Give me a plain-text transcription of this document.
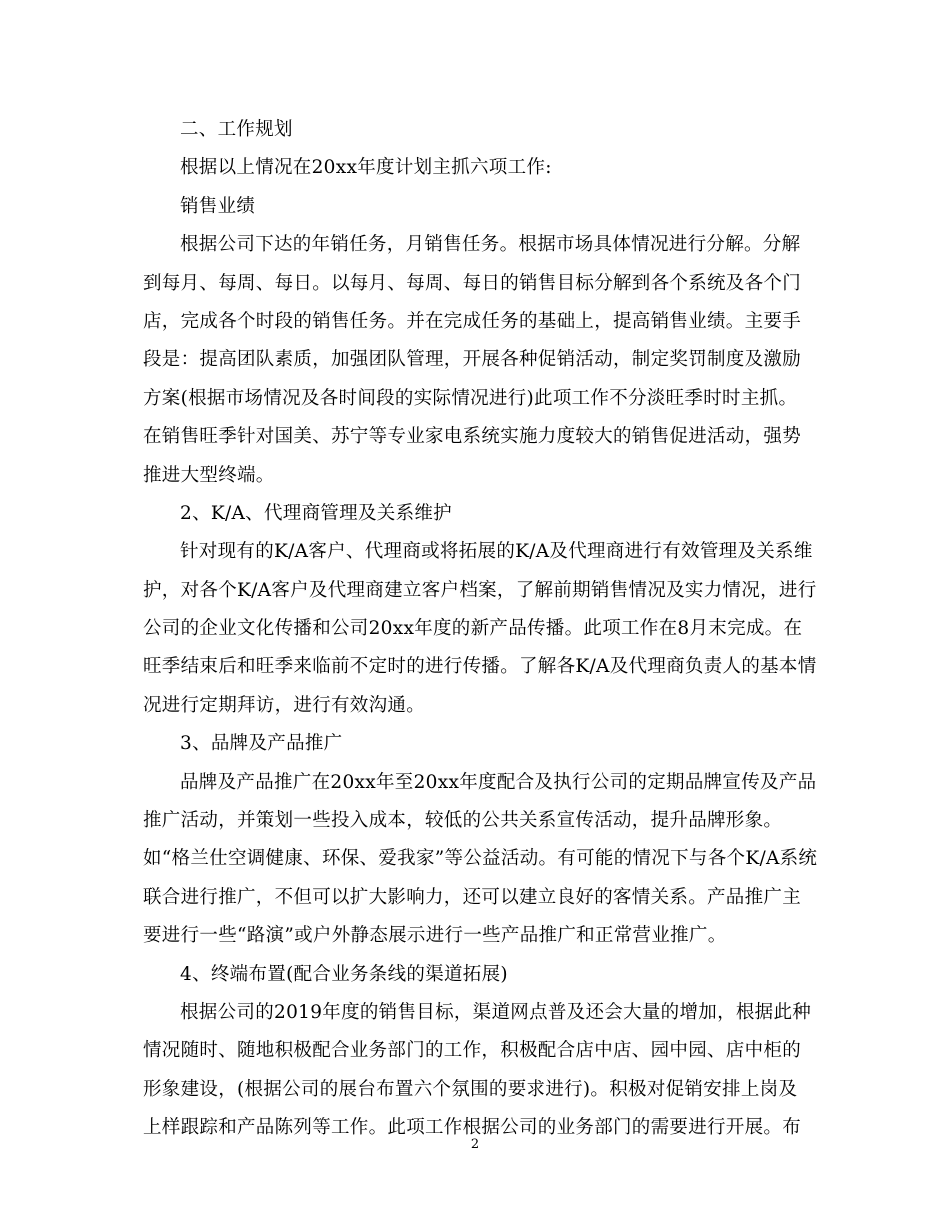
二、工作规划
根据以上情况在20xx年度计划主抓六项工作:
销售业绩
根据公司下达的年销任务，月销售任务。根据市场具体情况进行分解。分解
到每月、每周、每日。以每月、每周、每日的销售目标分解到各个系统及各个门
店，完成各个时段的销售任务。并在完成任务的基础上，提高销售业绩。主要手
段是：提高团队素质，加强团队管理，开展各种促销活动，制定奖罚制度及激励
方案(根据市场情况及各时间段的实际情况进行)此项工作不分淡旺季时时主抓。
在销售旺季针对国美、苏宁等专业家电系统实施力度较大的销售促进活动，强势
推进大型终端。
2、K/A、代理商管理及关系维护
针对现有的K/A客户、代理商或将拓展的K/A及代理商进行有效管理及关系维
护，对各个K/A客户及代理商建立客户档案，了解前期销售情况及实力情况，进行
公司的企业文化传播和公司20xx年度的新产品传播。此项工作在8月末完成。在
旺季结束后和旺季来临前不定时的进行传播。了解各K/A及代理商负责人的基本情
况进行定期拜访，进行有效沟通。
3、品牌及产品推广
品牌及产品推广在20xx年至20xx年度配合及执行公司的定期品牌宣传及产品
推广活动，并策划一些投入成本，较低的公共关系宣传活动，提升品牌形象。
如“格兰仕空调健康、环保、爱我家”等公益活动。有可能的情况下与各个K/A系统
联合进行推广，不但可以扩大影响力，还可以建立良好的客情关系。产品推广主
要进行一些“路演”或户外静态展示进行一些产品推广和正常营业推广。
4、终端布置(配合业务条线的渠道拓展)
根据公司的2019年度的销售目标，渠道网点普及还会大量的增加，根据此种
情况随时、随地积极配合业务部门的工作，积极配合店中店、园中园、店中柜的
形象建设，(根据公司的展台布置六个氛围的要求进行)。积极对促销安排上岗及
上样跟踪和产品陈列等工作。此项工作根据公司的业务部门的需要进行开展。布
2
